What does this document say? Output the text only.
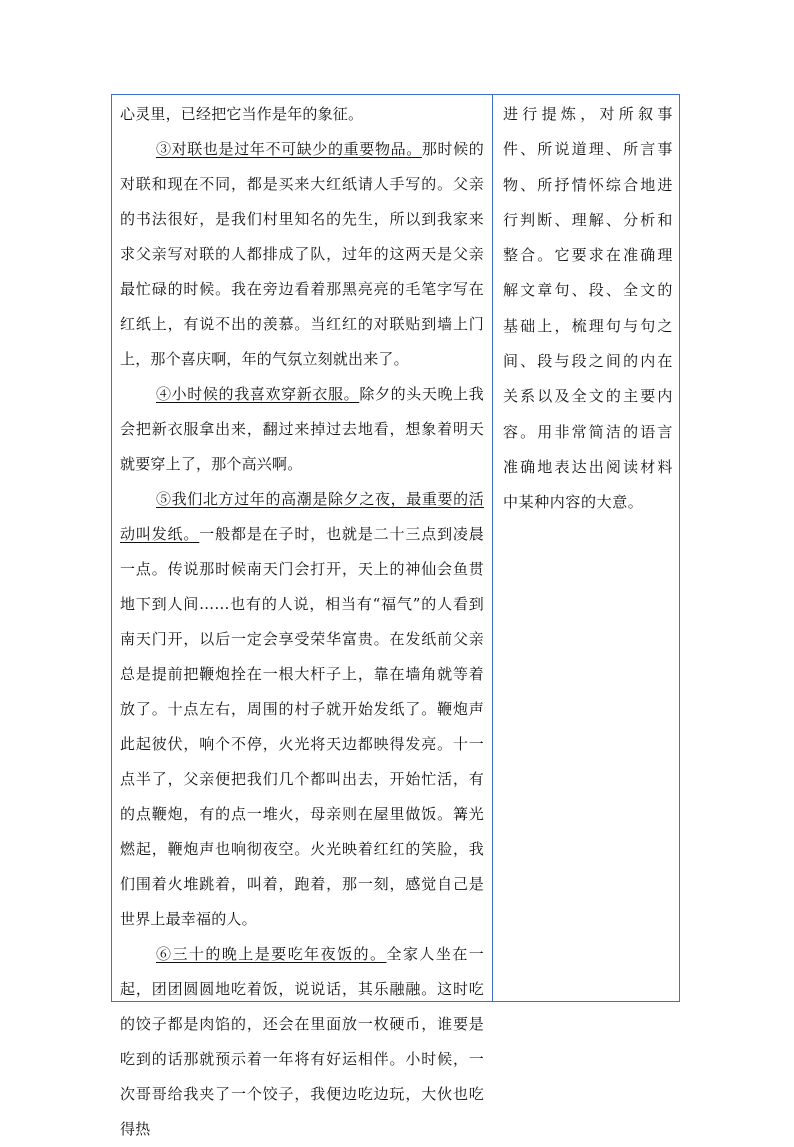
心灵里，已经把它当作是年的象征。

③对联也是过年不可缺少的重要物品。那时候的对联和现在不同，都是买来大红纸请人手写的。父亲的书法很好，是我们村里知名的先生，所以到我家来求父亲写对联的人都排成了队，过年的这两天是父亲最忙碌的时候。我在旁边看着那黑亮亮的毛笔字写在红纸上，有说不出的羡慕。当红红的对联贴到墙上门上，那个喜庆啊，年的气氛立刻就出来了。

④小时候的我喜欢穿新衣服。除夕的头天晚上我会把新衣服拿出来，翻过来掉过去地看，想象着明天就要穿上了，那个高兴啊。

⑤我们北方过年的高潮是除夕之夜，最重要的活动叫发纸。一般都是在子时，也就是二十三点到凌晨一点。传说那时候南天门会打开，天上的神仙会鱼贯地下到人间……也有的人说，相当有“福气”的人看到南天门开，以后一定会享受荣华富贵。在发纸前父亲总是提前把鞭炮拴在一根大杆子上，靠在墙角就等着放了。十点左右，周围的村子就开始发纸了。鞭炮声此起彼伏，响个不停，火光将天边都映得发亮。十一点半了，父亲便把我们几个都叫出去，开始忙活，有的点鞭炮，有的点一堆火，母亲则在屋里做饭。篝光燃起，鞭炮声也响彻夜空。火光映着红红的笑脸，我们围着火堆跳着，叫着，跑着，那一刻，感觉自己是世界上最幸福的人。

⑥三十的晚上是要吃年夜饭的。全家人坐在一起，团团圆圆地吃着饭，说说话，其乐融融。这时吃的饺子都是肉馅的，还会在里面放一枚硬币，谁要是吃到的话那就预示着一年将有好运相伴。小时候，一次哥哥给我夹了一个饺子，我便边吃边玩，大伙也吃得热

进行提炼，对所叙事件、所说道理、所言事物、所抒情怀综合地进行判断、理解、分析和整合。它要求在准确理解文章句、段、全文的基础上，梳理句与句之间、段与段之间的内在关系以及全文的主要内容。用非常简洁的语言准确地表达出阅读材料中某种内容的大意。
